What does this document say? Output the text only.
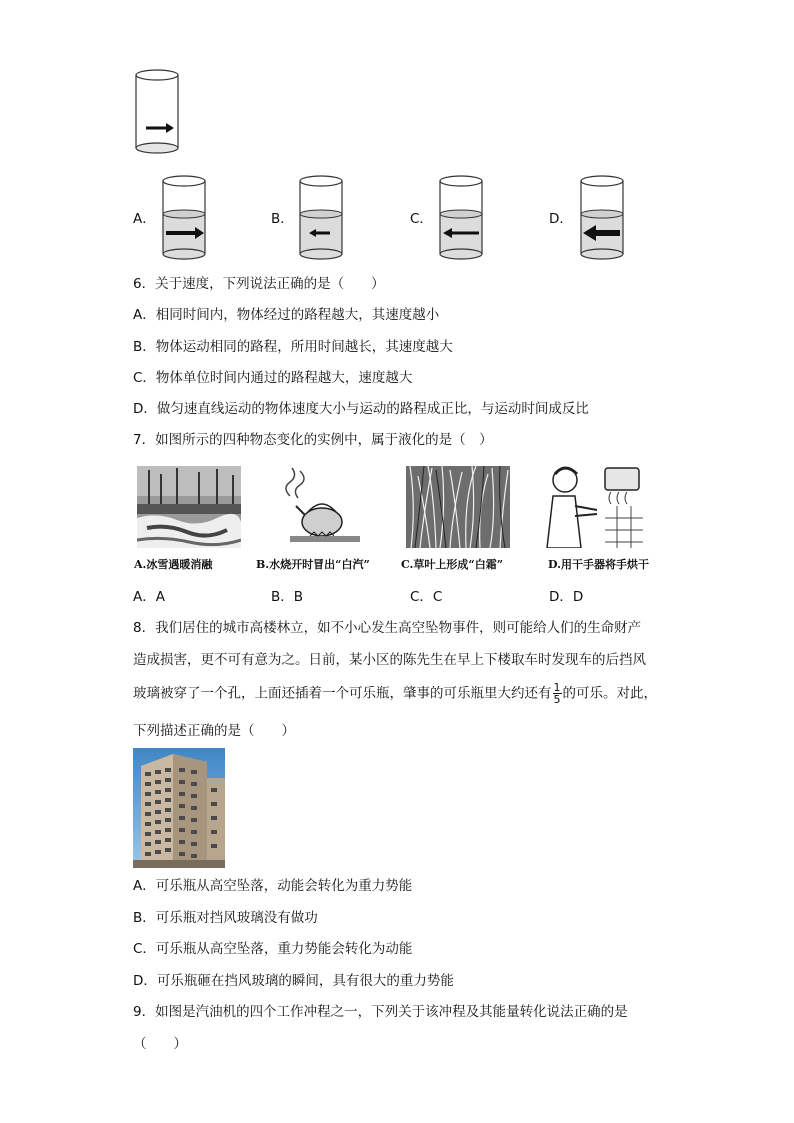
A．	B．	C．	D．
6．关于速度，下列说法正确的是（　　）
A．相同时间内，物体经过的路程越大，其速度越小
B．物体运动相同的路程，所用时间越长，其速度越大
C．物体单位时间内通过的路程越大，速度越大
D．做匀速直线运动的物体速度大小与运动的路程成正比，与运动时间成反比
7．如图所示的四种物态变化的实例中，属于液化的是（　）
A.冰雪遇暖消融	B.水烧开时冒出“白汽”	C.草叶上形成“白霜”	D.用干手器将手烘干
A．A	B．B	C．C	D．D
8．我们居住的城市高楼林立，如不小心发生高空坠物事件，则可能给人们的生命财产
造成损害，更不可有意为之。日前，某小区的陈先生在早上下楼取车时发现车的后挡风
玻璃被穿了一个孔，上面还插着一个可乐瓶，肇事的可乐瓶里大约还有 $\frac{1}{5}$ 的可乐。对此，
下列描述正确的是（　　）
A．可乐瓶从高空坠落，动能会转化为重力势能
B．可乐瓶对挡风玻璃没有做功
C．可乐瓶从高空坠落，重力势能会转化为动能
D．可乐瓶砸在挡风玻璃的瞬间，具有很大的重力势能
9．如图是汽油机的四个工作冲程之一，下列关于该冲程及其能量转化说法正确的是
（　　）
